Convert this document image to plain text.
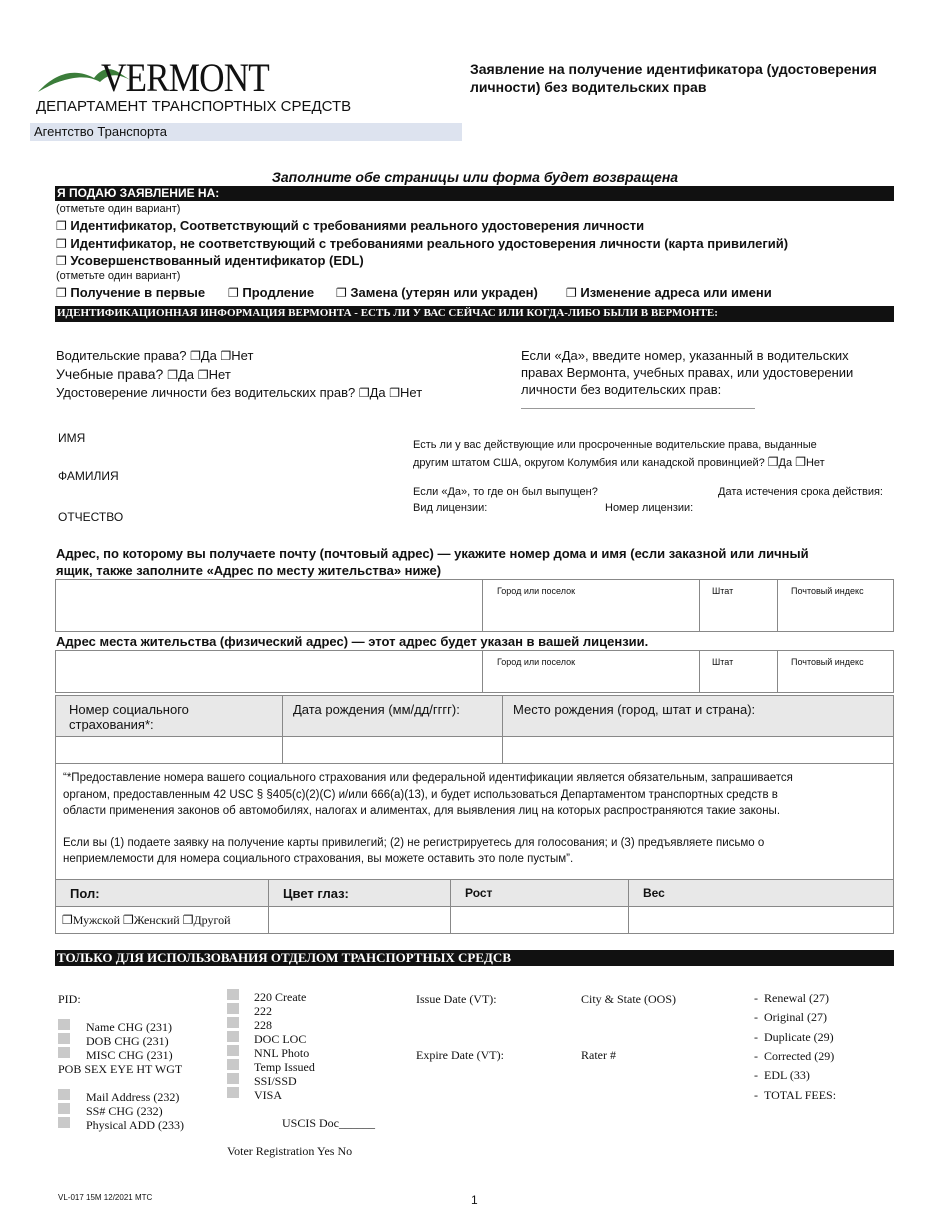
VERMONT
ДЕПАРТАМЕНТ ТРАНСПОРТНЫХ СРЕДСТВ
Агентство Транспорта
Заявление на получение идентификатора (удостоверения
личности) без водительских прав
Заполните обе страницы или форма будет возвращена
Я ПОДАЮ ЗАЯВЛЕНИЕ НА:
(отметьте один вариант)
❐ Идентификатор, Соответствующий с требованиями реального удостоверения личности
❐ Идентификатор, не соответствующий с требованиями реального удостоверения личности (карта привилегий)
❐ Усовершенствованный идентификатор (EDL)
(отметьте один вариант)
❐ Получение в первые ❐ Продление ❐ Замена (утерян или украден) ❐ Изменение адреса или имени
ИДЕНТИФИКАЦИОННАЯ ИНФОРМАЦИЯ ВЕРМОНТА - ЕСТЬ ЛИ У ВАС СЕЙЧАС ИЛИ КОГДА-ЛИБО БЫЛИ В ВЕРМОНТЕ:
Водительские права? ❐Да ❐Нет
Учебные права? ❐Да ❐Нет
Удостоверение личности без водительских прав? ❐Да ❐Нет
Если «Да», введите номер, указанный в водительских
правах Вермонта, учебных правах, или удостоверении
личности без водительских прав:
ИМЯ
ФАМИЛИЯ
ОТЧЕСТВО
Есть ли у вас действующие или просроченные водительские права, выданные
другим штатом США, округом Колумбия или канадской провинцией? ❐Да ❐Нет
Если «Да», то где он был выпущен?	Дата истечения срока действия:
Вид лицензии:	Номер лицензии:
Адрес, по которому вы получаете почту (почтовый адрес) — укажите номер дома и имя (если заказной или личный
ящик, также заполните «Адрес по месту жительства» ниже)
Город или поселок	Штат	Почтовый индекс
Адрес места жительства (физический адрес) — этот адрес будет указан в вашей лицензии.
Город или поселок	Штат	Почтовый индекс
Номер социального
страхования*:
Дата рождения (мм/дд/гггг):	Место рождения (город, штат и страна):
“*Предоставление номера вашего социального страхования или федеральной идентификации является обязательным, запрашивается
органом, предоставленным 42 USC § §405(c)(2)(C) и/или 666(a)(13), и будет использоваться Департаментом транспортных средств в
области применения законов об автомобилях, налогах и алиментах, для выявления лиц на которых распространяются такие законы.
Если вы (1) подаете заявку на получение карты привилегий; (2) не регистрируетесь для голосования; и (3) предъявляете письмо о
неприемлемости для номера социального страхования, вы можете оставить это поле пустым”.
Пол:	Цвет глаз:	Рост	Вес
❐Мужской ❐Женский ❐Другой
ТОЛЬКО ДЛЯ ИСПОЛЬЗОВАНИЯ ОТДЕЛОМ ТРАНСПОРТНЫХ СРЕДСВ
PID:
Name CHG (231)
DOB CHG (231)
MISC CHG (231)
POB SEX EYE HT WGT
Mail Address (232)
SS# CHG (232)
Physical ADD (233)
220 Create
222
228
DOC LOC
NNL Photo
Temp Issued
SSI/SSD
VISA
USCIS Doc______
Voter Registration Yes No
Issue Date (VT):
Expire Date (VT):
City & State (OOS)
Rater #
-  Renewal (27)
-  Original (27)
-  Duplicate (29)
-  Corrected (29)
-  EDL (33)
-  TOTAL FEES:
VL-017 15M 12/2021 MTC	1
